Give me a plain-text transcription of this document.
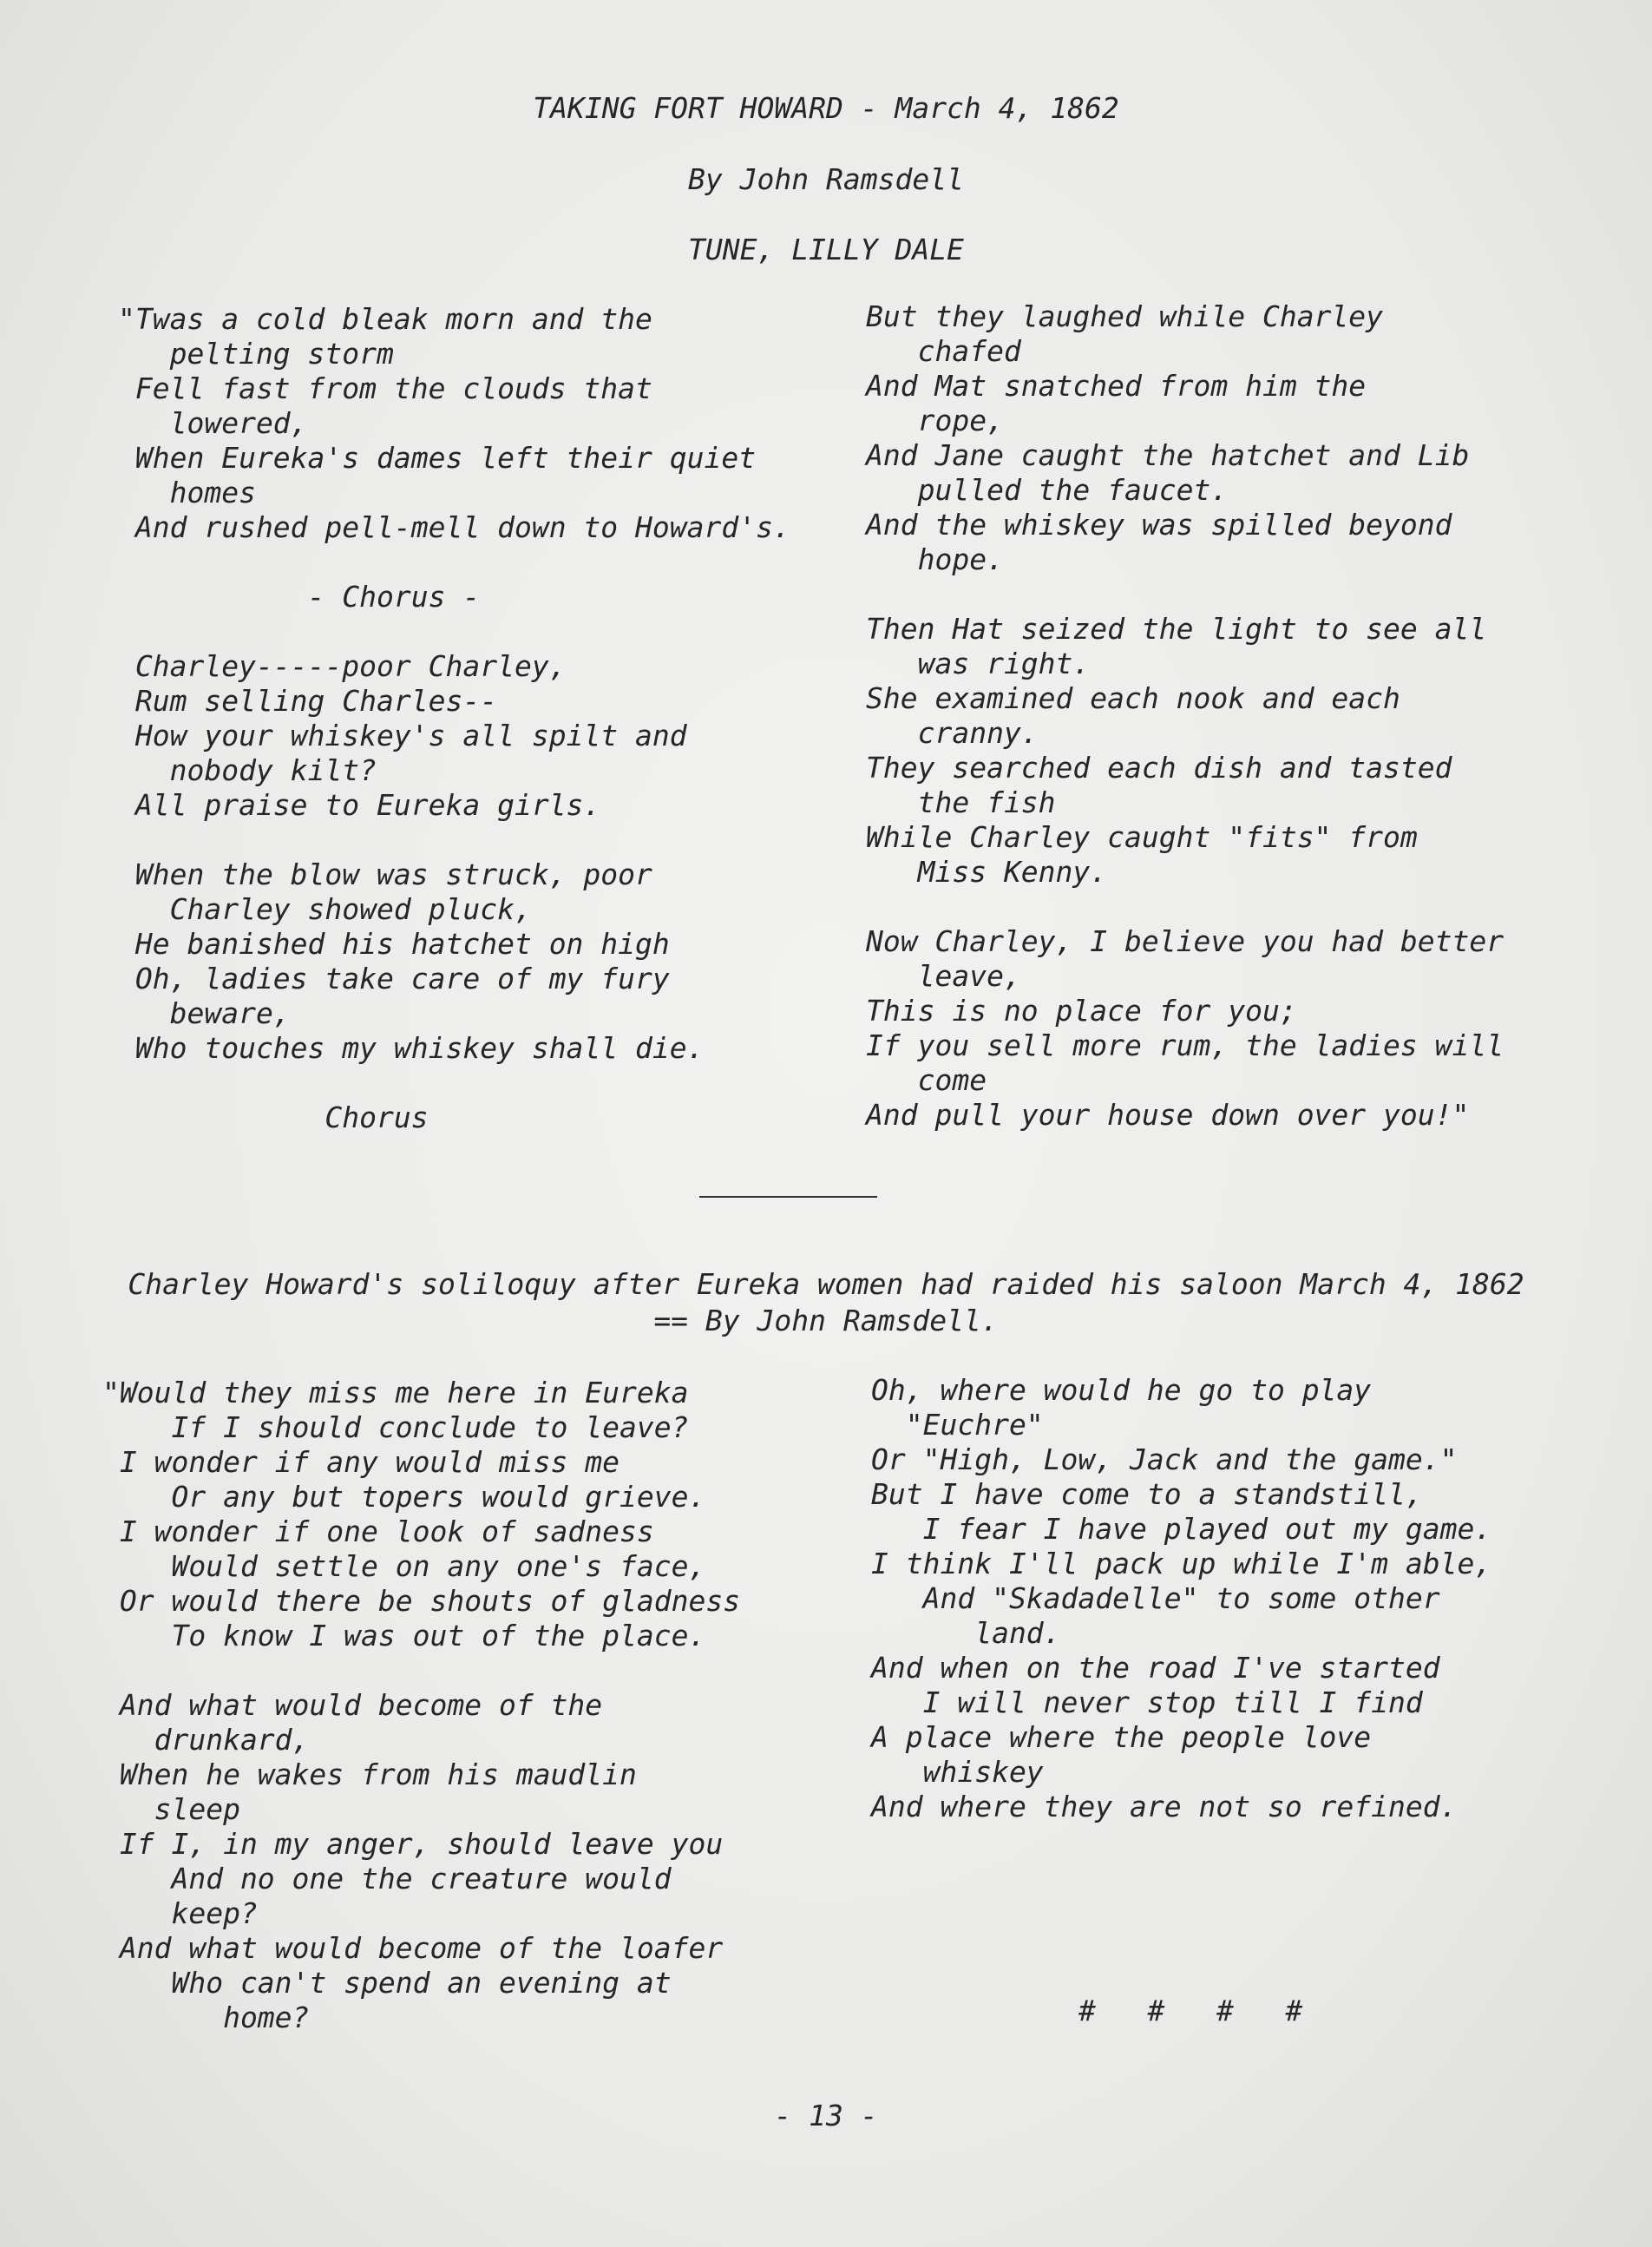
TAKING FORT HOWARD - March 4, 1862
By John Ramsdell
TUNE, LILLY DALE
"Twas a cold bleak morn and the
pelting storm
Fell fast from the clouds that
lowered,
When Eureka's dames left their quiet
homes
And rushed pell-mell down to Howard's.
- Chorus -
Charley-----poor Charley,
Rum selling Charles--
How your whiskey's all spilt and
nobody kilt?
All praise to Eureka girls.
When the blow was struck, poor
Charley showed pluck,
He banished his hatchet on high
Oh, ladies take care of my fury
beware,
Who touches my whiskey shall die.
Chorus
But they laughed while Charley
chafed
And Mat snatched from him the
rope,
And Jane caught the hatchet and Lib
pulled the faucet.
And the whiskey was spilled beyond
hope.
Then Hat seized the light to see all
was right.
She examined each nook and each
cranny.
They searched each dish and tasted
the fish
While Charley caught "fits" from
Miss Kenny.
Now Charley, I believe you had better
leave,
This is no place for you;
If you sell more rum, the ladies will
come
And pull your house down over you!"
Charley Howard's soliloquy after Eureka women had raided his saloon March 4, 1862
== By John Ramsdell.
"Would they miss me here in Eureka
If I should conclude to leave?
I wonder if any would miss me
Or any but topers would grieve.
I wonder if one look of sadness
Would settle on any one's face,
Or would there be shouts of gladness
To know I was out of the place.
And what would become of the
drunkard,
When he wakes from his maudlin
sleep
If I, in my anger, should leave you
And no one the creature would
keep?
And what would become of the loafer
Who can't spend an evening at
home?
Oh, where would he go to play
"Euchre"
Or "High, Low, Jack and the game."
But I have come to a standstill,
I fear I have played out my game.
I think I'll pack up while I'm able,
And "Skadadelle" to some other
land.
And when on the road I've started
I will never stop till I find
A place where the people love
whiskey
And where they are not so refined.
#   #   #   #
- 13 -
